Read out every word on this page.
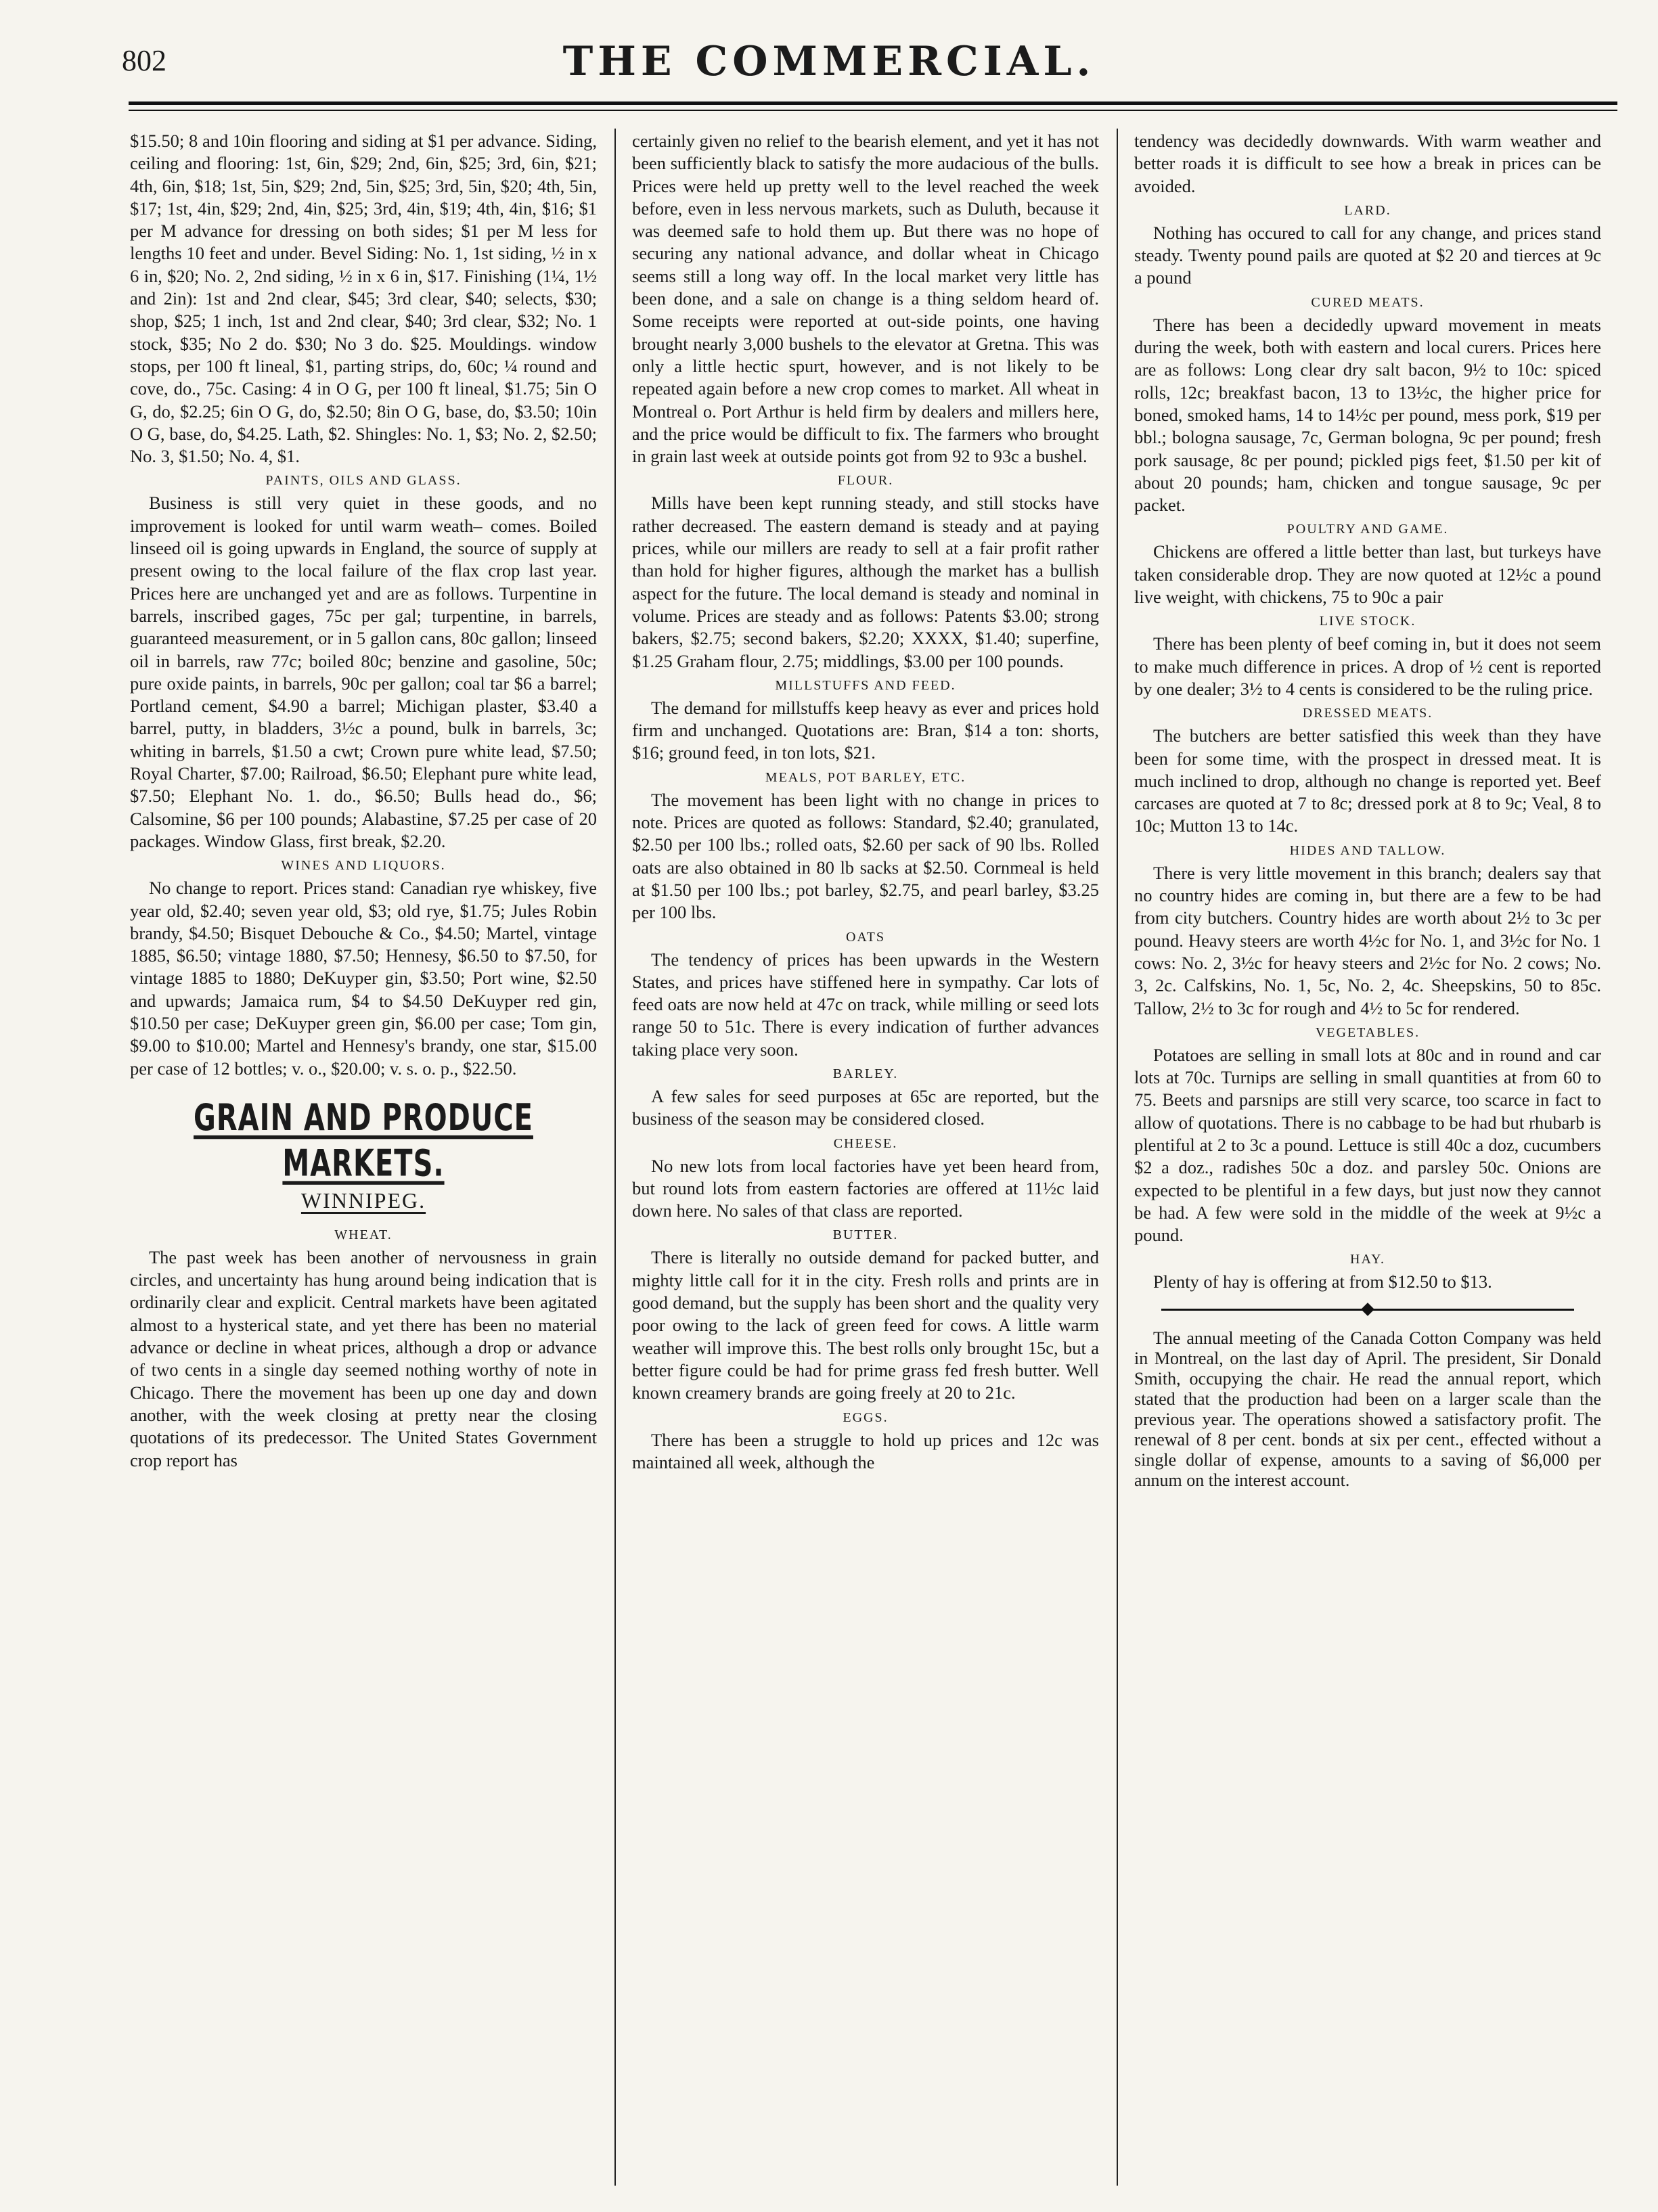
802	THE COMMERCIAL.

$15.50; 8 and 10in flooring and siding at $1 per advance. Siding, ceiling and flooring: 1st, 6in, $29; 2nd, 6in, $25; 3rd, 6in, $21; 4th, 6in, $18; 1st, 5in, $29; 2nd, 5in, $25; 3rd, 5in, $20; 4th, 5in, $17; 1st, 4in, $29; 2nd, 4in, $25; 3rd, 4in, $19; 4th, 4in, $16; $1 per M advance for dressing on both sides; $1 per M less for lengths 10 feet and under. Bevel Siding: No. 1, 1st siding, ½ in x 6 in, $20; No. 2, 2nd siding, ½ in x 6 in, $17. Finishing (1¼, 1½ and 2in): 1st and 2nd clear, $45; 3rd clear, $40; selects, $30; shop, $25; 1 inch, 1st and 2nd clear, $40; 3rd clear, $32; No. 1 stock, $35; No 2 do. $30; No 3 do. $25. Mouldings. window stops, per 100 ft lineal, $1, parting strips, do, 60c; ¼ round and cove, do., 75c. Casing: 4 in O G, per 100 ft lineal, $1.75; 5in O G, do, $2.25; 6in O G, do, $2.50; 8in O G, base, do, $3.50; 10in O G, base, do, $4.25. Lath, $2. Shingles: No. 1, $3; No. 2, $2.50; No. 3, $1.50; No. 4, $1.

PAINTS, OILS AND GLASS.

Business is still very quiet in these goods, and no improvement is looked for until warm weath– comes. Boiled linseed oil is going upwards in England, the source of supply at present owing to the local failure of the flax crop last year. Prices here are unchanged yet and are as follows. Turpentine in barrels, inscribed gages, 75c per gal; turpentine, in barrels, guaranteed measurement, or in 5 gallon cans, 80c gallon; linseed oil in barrels, raw 77c; boiled 80c; benzine and gasoline, 50c; pure oxide paints, in barrels, 90c per gallon; coal tar $6 a barrel; Portland cement, $4.90 a barrel; Michigan plaster, $3.40 a barrel, putty, in bladders, 3½c a pound, bulk in barrels, 3c; whiting in barrels, $1.50 a cwt; Crown pure white lead, $7.50; Royal Charter, $7.00; Railroad, $6.50; Elephant pure white lead, $7.50; Elephant No. 1. do., $6.50; Bulls head do., $6; Calsomine, $6 per 100 pounds; Alabastine, $7.25 per case of 20 packages. Window Glass, first break, $2.20.

WINES AND LIQUORS.

No change to report. Prices stand: Canadian rye whiskey, five year old, $2.40; seven year old, $3; old rye, $1.75; Jules Robin brandy, $4.50; Bisquet Debouche & Co., $4.50; Martel, vintage 1885, $6.50; vintage 1880, $7.50; Hennesy, $6.50 to $7.50, for vintage 1885 to 1880; DeKuyper gin, $3.50; Port wine, $2.50 and upwards; Jamaica rum, $4 to $4.50 DeKuyper red gin, $10.50 per case; DeKuyper green gin, $6.00 per case; Tom gin, $9.00 to $10.00; Martel and Hennesy's brandy, one star, $15.00 per case of 12 bottles; v. o., $20.00; v. s. o. p., $22.50.

GRAIN AND PRODUCE MARKETS.
WINNIPEG.
WHEAT.

The past week has been another of nervousness in grain circles, and uncertainty has hung around being indication that is ordinarily clear and explicit. Central markets have been agitated almost to a hysterical state, and yet there has been no material advance or decline in wheat prices, although a drop or advance of two cents in a single day seemed nothing worthy of note in Chicago. There the movement has been up one day and down another, with the week closing at pretty near the closing quotations of its predecessor. The United States Government crop report has

certainly given no relief to the bearish element, and yet it has not been sufficiently black to satisfy the more audacious of the bulls. Prices were held up pretty well to the level reached the week before, even in less nervous markets, such as Duluth, because it was deemed safe to hold them up. But there was no hope of securing any national advance, and dollar wheat in Chicago seems still a long way off. In the local market very little has been done, and a sale on change is a thing seldom heard of. Some receipts were reported at out-side points, one having brought nearly 3,000 bushels to the elevator at Gretna. This was only a little hectic spurt, however, and is not likely to be repeated again before a new crop comes to market. All wheat in Montreal o. Port Arthur is held firm by dealers and millers here, and the price would be difficult to fix. The farmers who brought in grain last week at outside points got from 92 to 93c a bushel.

FLOUR.

Mills have been kept running steady, and still stocks have rather decreased. The eastern demand is steady and at paying prices, while our millers are ready to sell at a fair profit rather than hold for higher figures, although the market has a bullish aspect for the future. The local demand is steady and nominal in volume. Prices are steady and as follows: Patents $3.00; strong bakers, $2.75; second bakers, $2.20; XXXX, $1.40; superfine, $1.25 Graham flour, 2.75; middlings, $3.00 per 100 pounds.

MILLSTUFFS AND FEED.

The demand for millstuffs keep heavy as ever and prices hold firm and unchanged. Quotations are: Bran, $14 a ton: shorts, $16; ground feed, in ton lots, $21.

MEALS, POT BARLEY, ETC.

The movement has been light with no change in prices to note. Prices are quoted as follows: Standard, $2.40; granulated, $2.50 per 100 lbs.; rolled oats, $2.60 per sack of 90 lbs. Rolled oats are also obtained in 80 lb sacks at $2.50. Cornmeal is held at $1.50 per 100 lbs.; pot barley, $2.75, and pearl barley, $3.25 per 100 lbs.

OATS

The tendency of prices has been upwards in the Western States, and prices have stiffened here in sympathy. Car lots of feed oats are now held at 47c on track, while milling or seed lots range 50 to 51c. There is every indication of further advances taking place very soon.

BARLEY.

A few sales for seed purposes at 65c are reported, but the business of the season may be considered closed.

CHEESE.

No new lots from local factories have yet been heard from, but round lots from eastern factories are offered at 11½c laid down here. No sales of that class are reported.

BUTTER.

There is literally no outside demand for packed butter, and mighty little call for it in the city. Fresh rolls and prints are in good demand, but the supply has been short and the quality very poor owing to the lack of green feed for cows. A little warm weather will improve this. The best rolls only brought 15c, but a better figure could be had for prime grass fed fresh butter. Well known creamery brands are going freely at 20 to 21c.

EGGS.

There has been a struggle to hold up prices and 12c was maintained all week, although the

tendency was decidedly downwards. With warm weather and better roads it is difficult to see how a break in prices can be avoided.

LARD.

Nothing has occured to call for any change, and prices stand steady. Twenty pound pails are quoted at $2 20 and tierces at 9c a pound

CURED MEATS.

There has been a decidedly upward movement in meats during the week, both with eastern and local curers. Prices here are as follows: Long clear dry salt bacon, 9½ to 10c: spiced rolls, 12c; breakfast bacon, 13 to 13½c, the higher price for boned, smoked hams, 14 to 14½c per pound, mess pork, $19 per bbl.; bologna sausage, 7c, German bologna, 9c per pound; fresh pork sausage, 8c per pound; pickled pigs feet, $1.50 per kit of about 20 pounds; ham, chicken and tongue sausage, 9c per packet.

POULTRY AND GAME.

Chickens are offered a little better than last, but turkeys have taken considerable drop. They are now quoted at 12½c a pound live weight, with chickens, 75 to 90c a pair

LIVE STOCK.

There has been plenty of beef coming in, but it does not seem to make much difference in prices. A drop of ½ cent is reported by one dealer; 3½ to 4 cents is considered to be the ruling price.

DRESSED MEATS.

The butchers are better satisfied this week than they have been for some time, with the prospect in dressed meat. It is much inclined to drop, although no change is reported yet. Beef carcases are quoted at 7 to 8c; dressed pork at 8 to 9c; Veal, 8 to 10c; Mutton 13 to 14c.

HIDES AND TALLOW.

There is very little movement in this branch; dealers say that no country hides are coming in, but there are a few to be had from city butchers. Country hides are worth about 2½ to 3c per pound. Heavy steers are worth 4½c for No. 1, and 3½c for No. 1 cows: No. 2, 3½c for heavy steers and 2½c for No. 2 cows; No. 3, 2c. Calfskins, No. 1, 5c, No. 2, 4c. Sheepskins, 50 to 85c. Tallow, 2½ to 3c for rough and 4½ to 5c for rendered.

VEGETABLES.

Potatoes are selling in small lots at 80c and in round and car lots at 70c. Turnips are selling in small quantities at from 60 to 75. Beets and parsnips are still very scarce, too scarce in fact to allow of quotations. There is no cabbage to be had but rhubarb is plentiful at 2 to 3c a pound. Lettuce is still 40c a doz, cucumbers $2 a doz., radishes 50c a doz. and parsley 50c. Onions are expected to be plentiful in a few days, but just now they cannot be had. A few were sold in the middle of the week at 9½c a pound.

HAY.

Plenty of hay is offering at from $12.50 to $13.

The annual meeting of the Canada Cotton Company was held in Montreal, on the last day of April. The president, Sir Donald Smith, occupying the chair. He read the annual report, which stated that the production had been on a larger scale than the previous year. The operations showed a satisfactory profit. The renewal of 8 per cent. bonds at six per cent., effected without a single dollar of expense, amounts to a saving of $6,000 per annum on the interest account.
